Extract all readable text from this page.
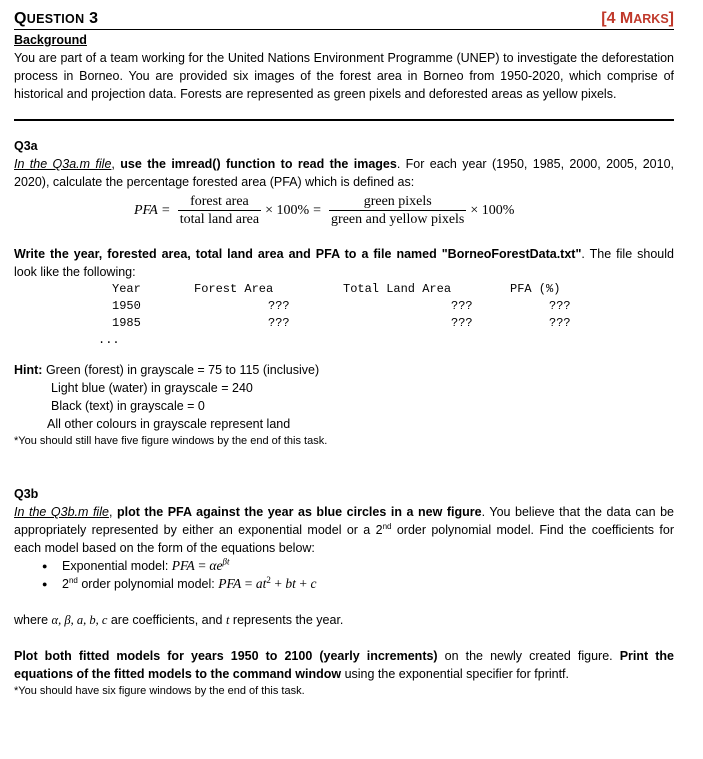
QUESTION 3	[4 MARKS]
Background
You are part of a team working for the United Nations Environment Programme (UNEP) to investigate the deforestation process in Borneo. You are provided six images of the forest area in Borneo from 1950-2020, which comprise of historical and projection data. Forests are represented as green pixels and deforested areas as yellow pixels.
Q3a
In the Q3a.m file, use the imread() function to read the images. For each year (1950, 1985, 2000, 2005, 2010, 2020), calculate the percentage forested area (PFA) which is defined as:
PFA = $\frac{\text{forest area}}{\text{total land area}} \times 100\% = \frac{\text{green pixels}}{\text{green and yellow pixels}} \times 100\%$
Write the year, forested area, total land area and PFA to a file named "BorneoForestData.txt". The file should look like the following:
Year	Forest Area	Total Land Area	PFA (%)
1950	???	???	???
1985	???	???	???
...
Hint: Green (forest) in grayscale = 75 to 115 (inclusive)
Light blue (water) in grayscale = 240
Black (text) in grayscale = 0
All other colours in grayscale represent land
*You should still have five figure windows by the end of this task.
Q3b
In the Q3b.m file, plot the PFA against the year as blue circles in a new figure. You believe that the data can be appropriately represented by either an exponential model or a 2nd order polynomial model. Find the coefficients for each model based on the form of the equations below:
● Exponential model: PFA = $\alpha e^{\beta t}$
● 2nd order polynomial model: PFA = $at^2$ + bt + c
where α, β, a, b, c are coefficients, and t represents the year.
Plot both fitted models for years 1950 to 2100 (yearly increments) on the newly created figure. Print the equations of the fitted models to the command window using the exponential specifier for fprintf.
*You should have six figure windows by the end of this task.
